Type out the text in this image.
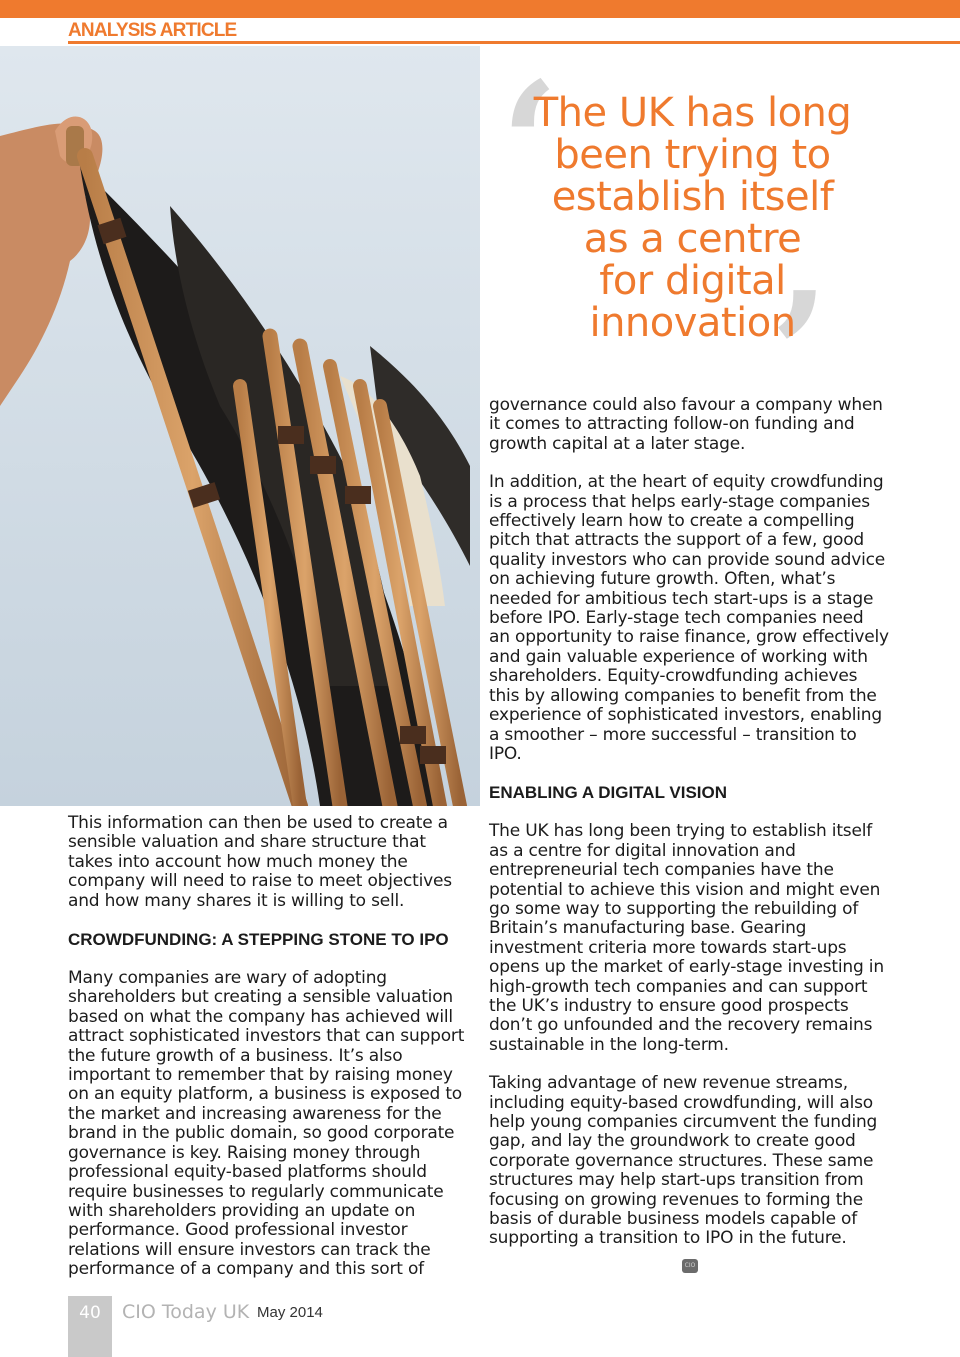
ANALYSIS ARTICLE
‘
’
The UK has long
been trying to
establish itself
as a centre
for digital
innovation

This information can then be used to create a sensible valuation and share structure that takes into account how much money the company will need to raise to meet objectives and how many shares it is willing to sell.

CROWDFUNDING: A STEPPING STONE TO IPO

Many companies are wary of adopting shareholders but creating a sensible valuation based on what the company has achieved will attract sophisticated investors that can support the future growth of a business. It’s also important to remember that by raising money on an equity platform, a business is exposed to the market and increasing awareness for the brand in the public domain, so good corporate governance is key. Raising money through professional equity-based platforms should require businesses to regularly communicate with shareholders providing an update on performance. Good professional investor relations will ensure investors can track the performance of a company and this sort of

governance could also favour a company when it comes to attracting follow-on funding and growth capital at a later stage.

In addition, at the heart of equity crowdfunding is a process that helps early-stage companies effectively learn how to create a compelling pitch that attracts the support of a few, good quality investors who can provide sound advice on achieving future growth. Often, what’s needed for ambitious tech start-ups is a stage before IPO. Early-stage tech companies need an opportunity to raise finance, grow effectively and gain valuable experience of working with shareholders. Equity-crowdfunding achieves this by allowing companies to benefit from the experience of sophisticated investors, enabling a smoother – more successful – transition to IPO.

ENABLING A DIGITAL VISION

The UK has long been trying to establish itself as a centre for digital innovation and entrepreneurial tech companies have the potential to achieve this vision and might even go some way to supporting the rebuilding of Britain’s manufacturing base. Gearing investment criteria more towards start-ups opens up the market of early-stage investing in high-growth tech companies and can support the UK’s industry to ensure good prospects don’t go unfounded and the recovery remains sustainable in the long-term.

Taking advantage of new revenue streams, including equity-based crowdfunding, will also help young companies circumvent the funding gap, and lay the groundwork to create good corporate governance structures. These same structures may help start-ups transition from focusing on growing revenues to forming the basis of durable business models capable of supporting a transition to IPO in the future.

CIO
40	CIO Today UK May 2014
